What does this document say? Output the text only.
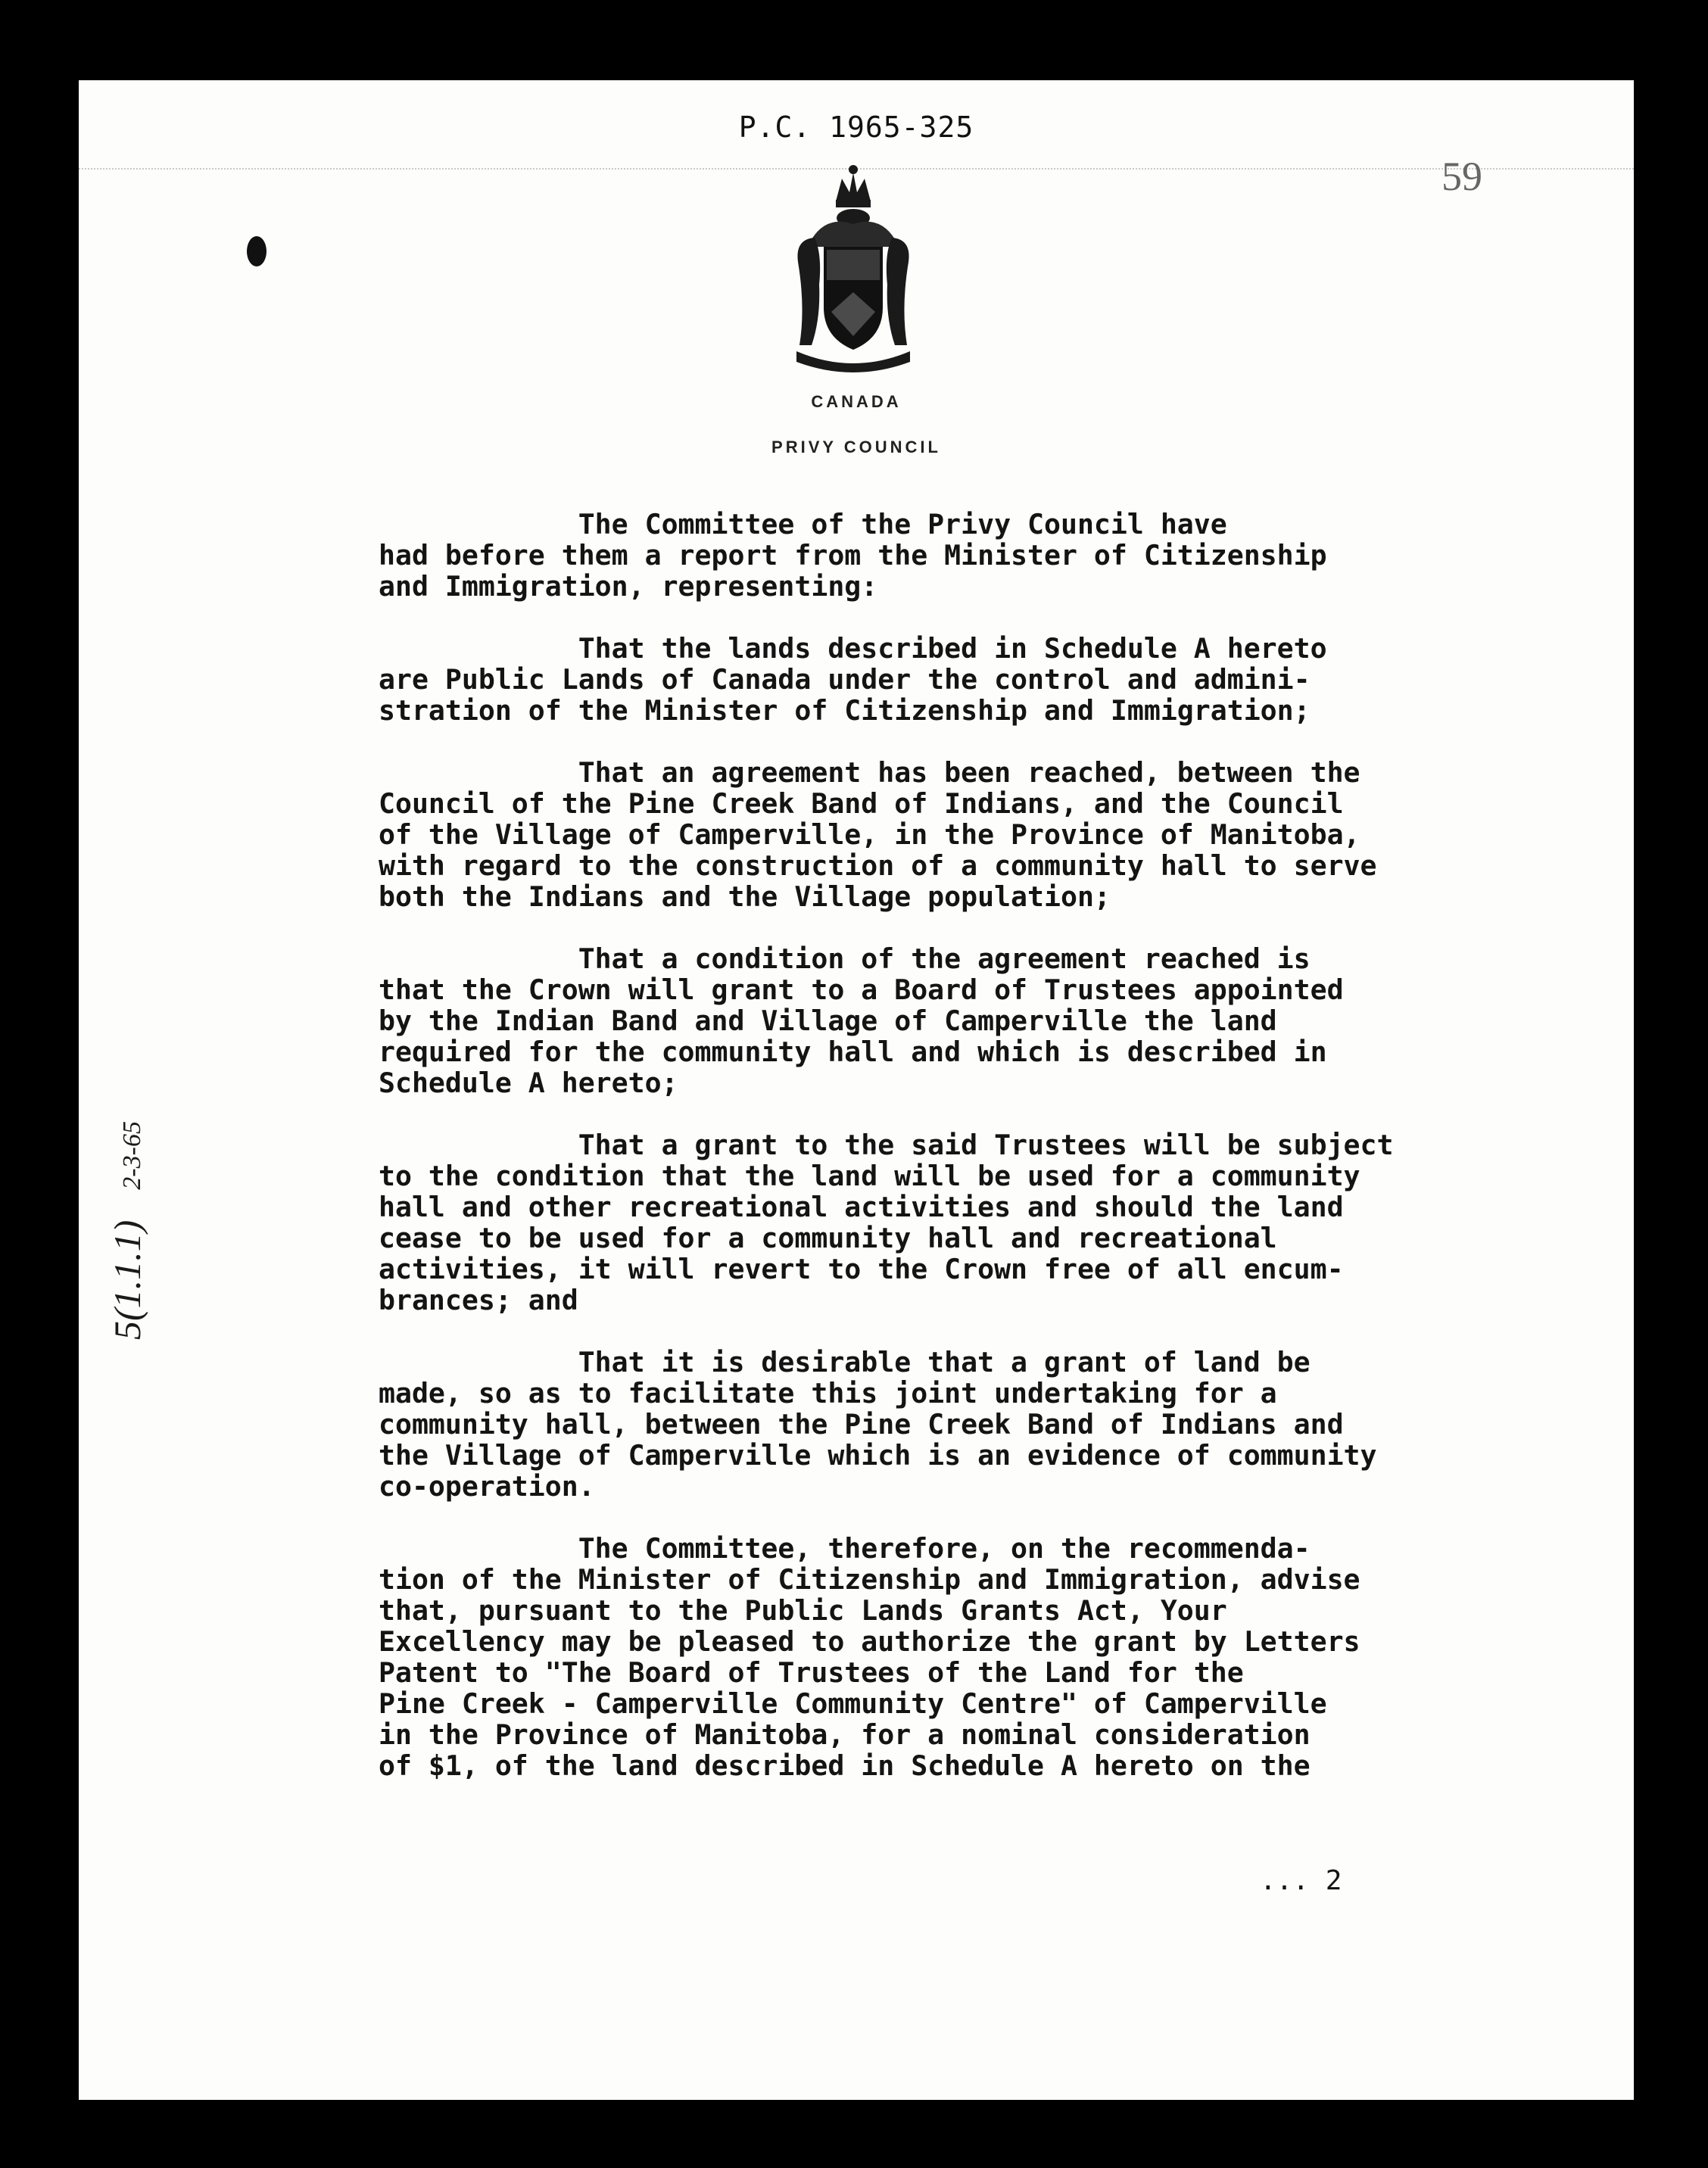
P.C. 1965-325
59
CANADA
PRIVY COUNCIL
The Committee of the Privy Council have
had before them a report from the Minister of Citizenship
and Immigration, representing:
That the lands described in Schedule A hereto
are Public Lands of Canada under the control and admini-
stration of the Minister of Citizenship and Immigration;
That an agreement has been reached, between the
Council of the Pine Creek Band of Indians, and the Council
of the Village of Camperville, in the Province of Manitoba,
with regard to the construction of a community hall to serve
both the Indians and the Village population;
That a condition of the agreement reached is
that the Crown will grant to a Board of Trustees appointed
by the Indian Band and Village of Camperville the land
required for the community hall and which is described in
Schedule A hereto;
That a grant to the said Trustees will be subject
to the condition that the land will be used for a community
hall and other recreational activities and should the land
cease to be used for a community hall and recreational
activities, it will revert to the Crown free of all encum-
brances; and
That it is desirable that a grant of land be
made, so as to facilitate this joint undertaking for a
community hall, between the Pine Creek Band of Indians and
the Village of Camperville which is an evidence of community
co-operation.
The Committee, therefore, on the recommenda-
tion of the Minister of Citizenship and Immigration, advise
that, pursuant to the Public Lands Grants Act, Your
Excellency may be pleased to authorize the grant by Letters
Patent to "The Board of Trustees of the Land for the
Pine Creek - Camperville Community Centre" of Camperville
in the Province of Manitoba, for a nominal consideration
of $1, of the land described in Schedule A hereto on the
5(1.1.1)2-3-65
... 2
